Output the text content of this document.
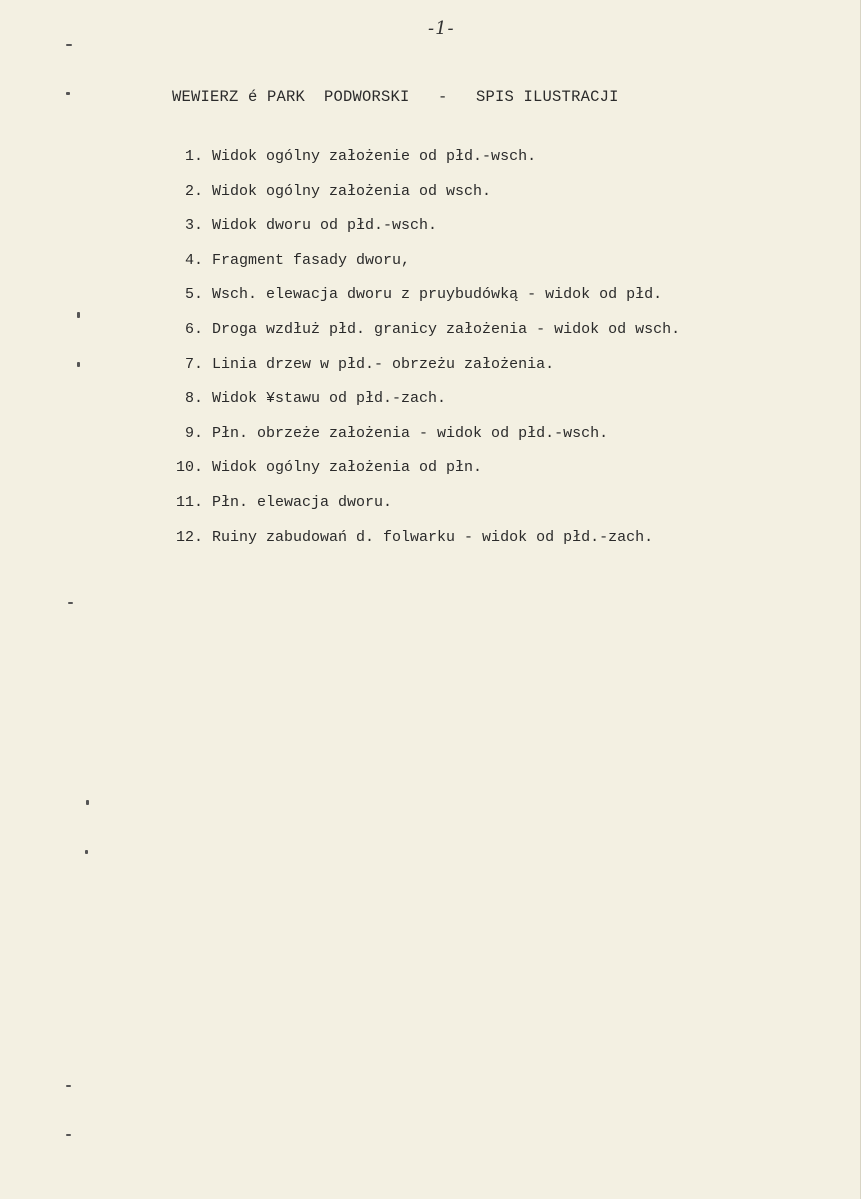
-1-
WEWIERZ é PARK  PODWORSKI   -   SPIS ILUSTRACJI
1.
Widok ogólny założenie od płd.-wsch.
2.
Widok ogólny założenia od wsch.
3.
Widok dworu od płd.-wsch.
4.
Fragment fasady dworu,
5.
Wsch. elewacja dworu z pruybudówką - widok od płd.
6.
Droga wzdłuż płd. granicy założenia - widok od wsch.
7.
Linia drzew w płd.- obrzeżu założenia.
8.
Widok ¥stawu od płd.-zach.
9.
Płn. obrzeże założenia - widok od płd.-wsch.
10.
Widok ogólny założenia od płn.
11.
Płn. elewacja dworu.
12.
Ruiny zabudowań d. folwarku - widok od płd.-zach.
